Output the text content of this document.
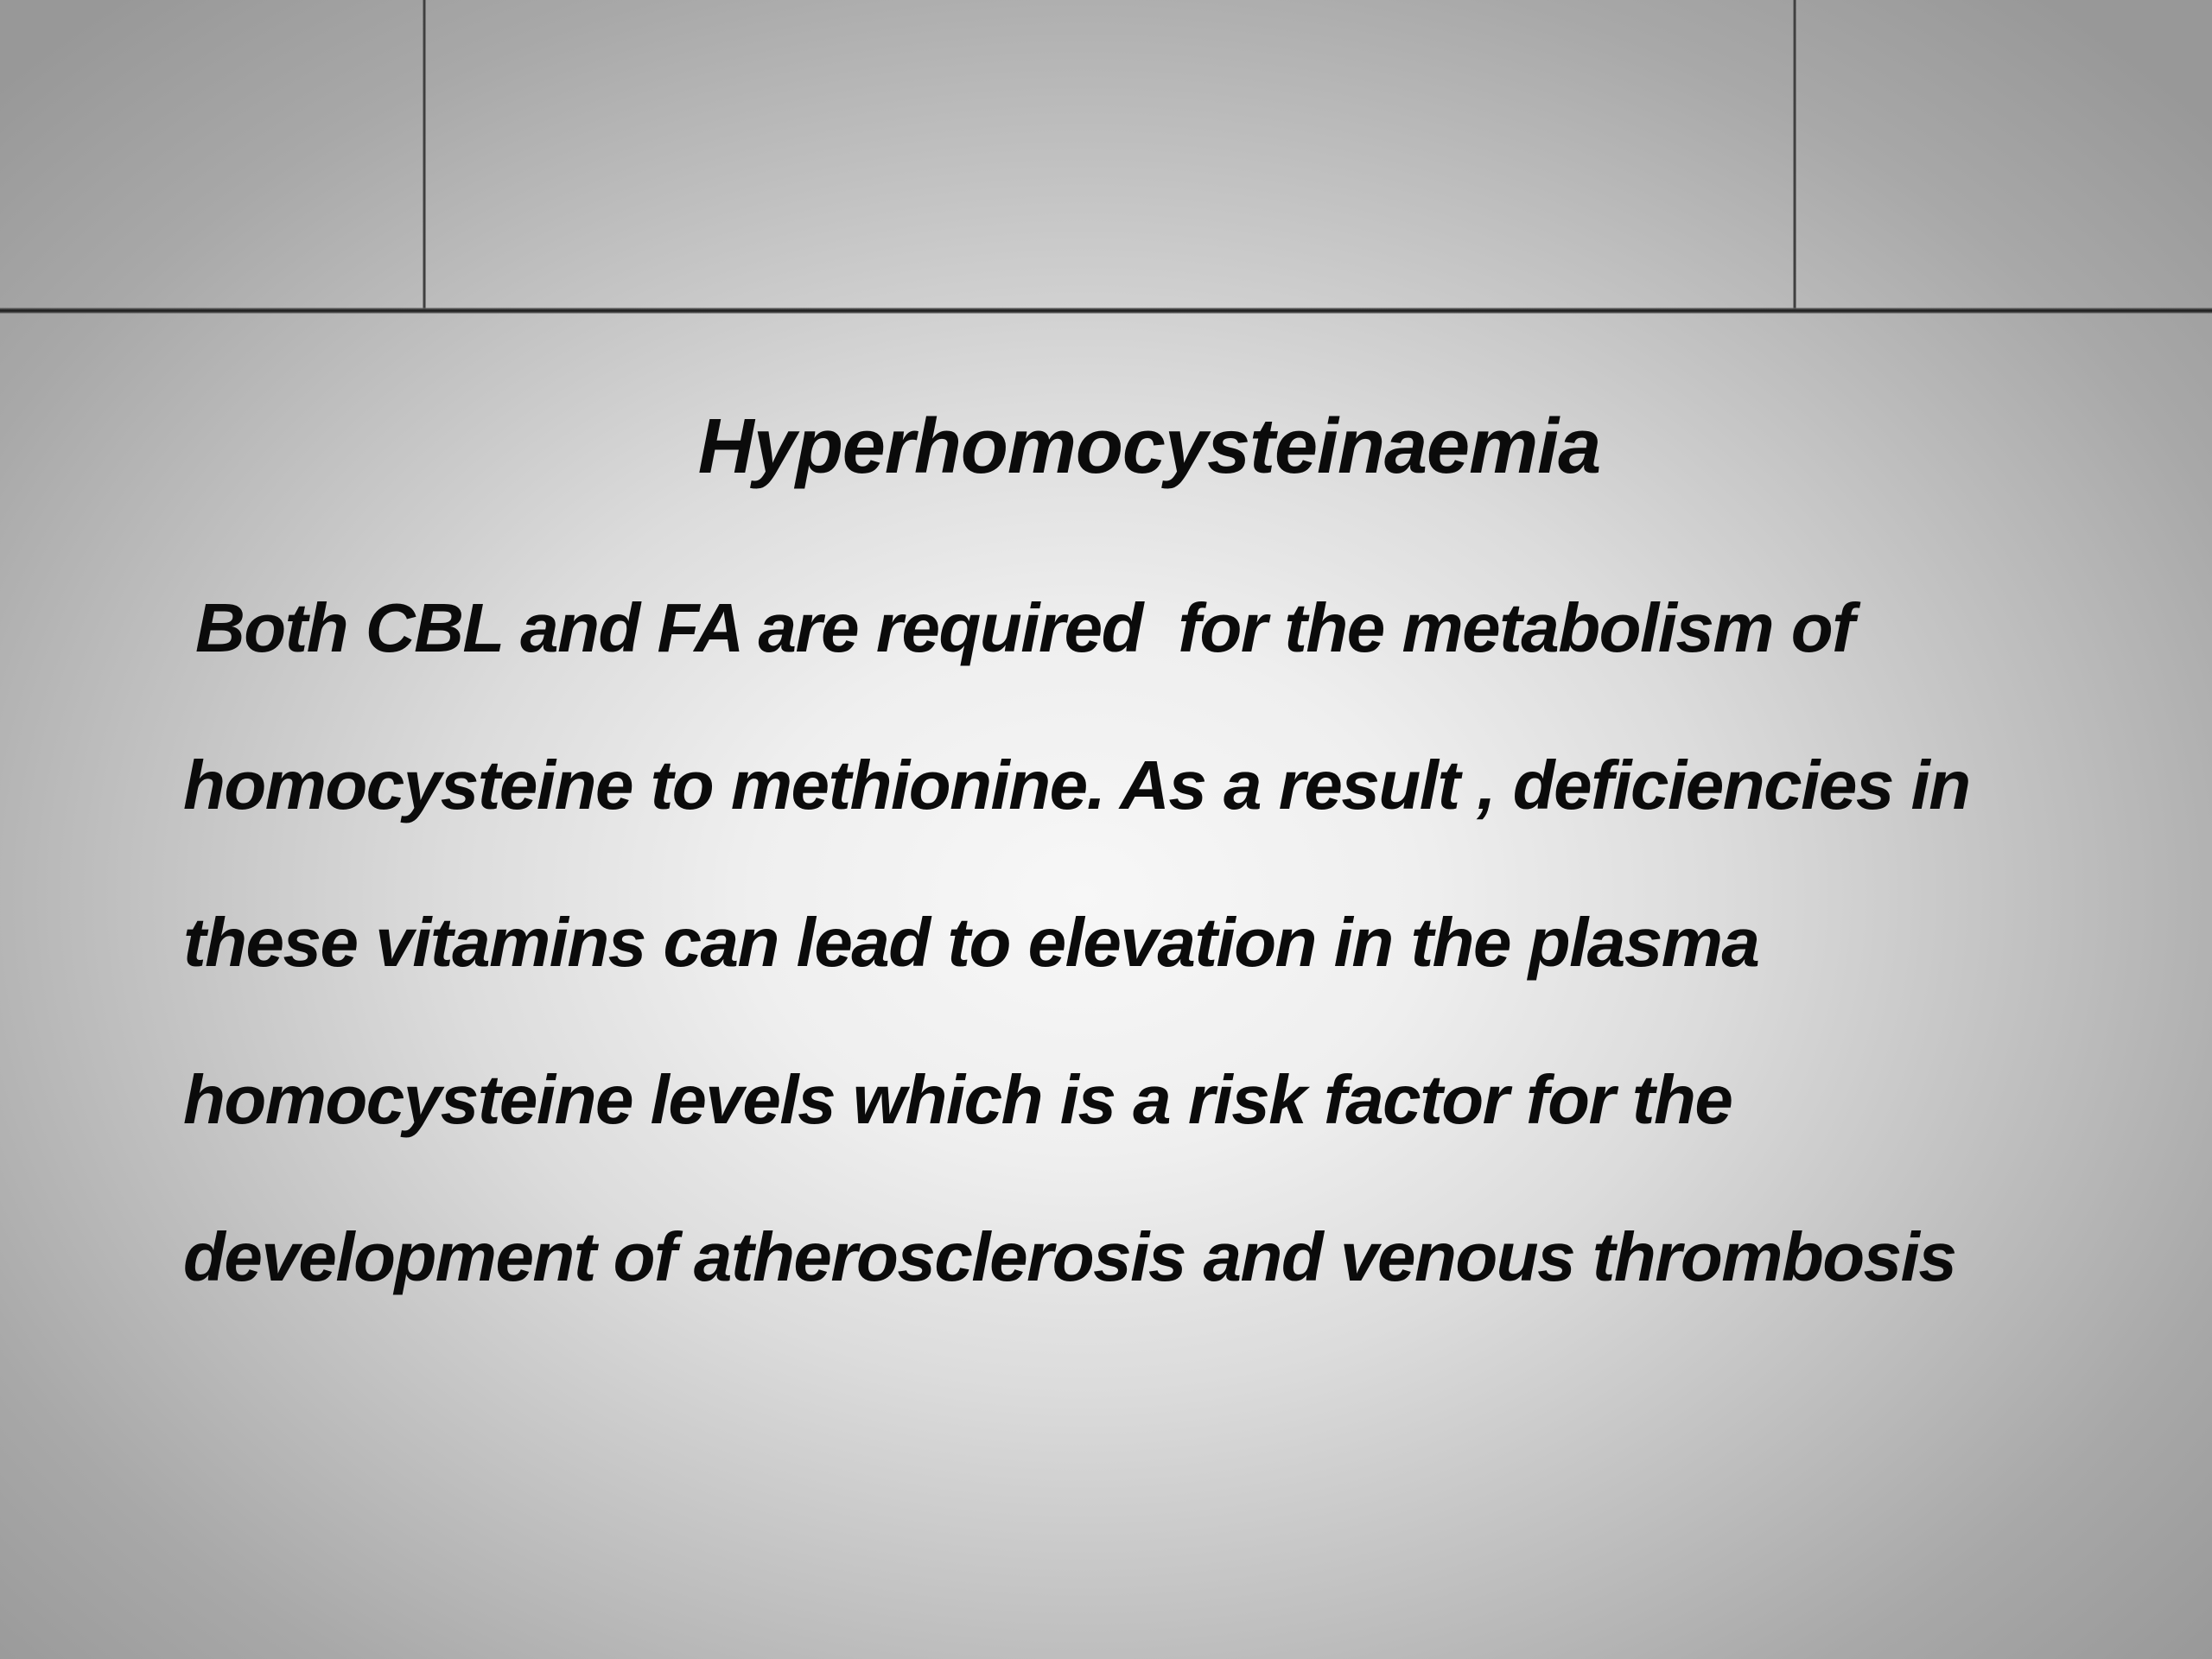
Hyperhomocysteinaemia
Both CBL and FA are required  for the metabolism of
homocysteine to methionine. As a result , deficiencies in
these vitamins can lead to elevation in the plasma
homocysteine levels which is a risk factor for the
development of atherosclerosis and venous thrombosis
